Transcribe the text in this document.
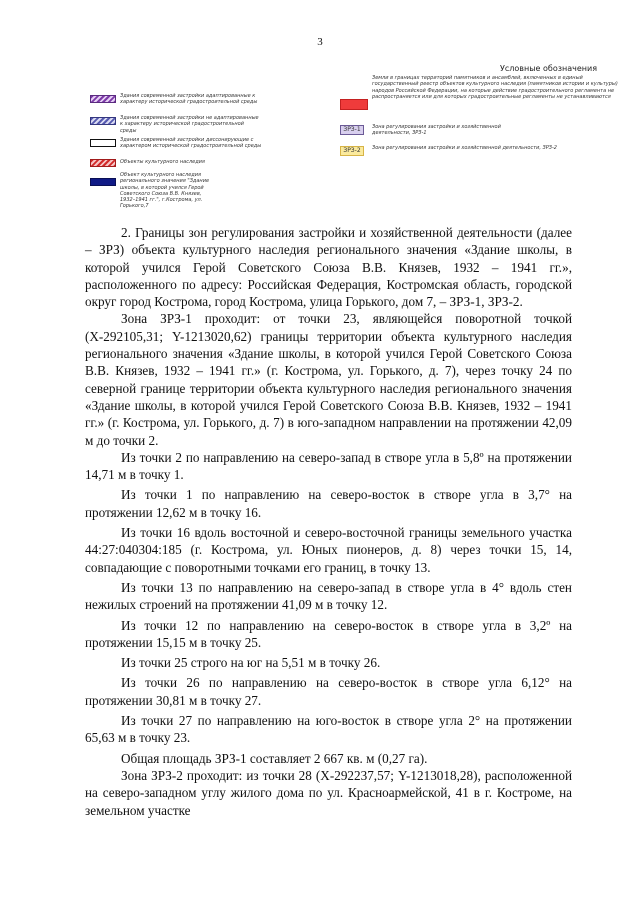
3
Условные обозначения
Здания современной застройки адаптированные к характеру исторической градостроительной среды
Здания современной застройки не адаптированные к характеру исторической градостроительной среды
Здания современной застройки диссонирующие с характером исторической градостроительной среды
Объекты культурного наследия
Объект культурного наследия регионального значения "Здание школы, в которой учился Герой Советского Союза В.В. Князев, 1932–1941 гг.", г.Кострома, ул. Горького,7
Земли в границах территорий памятников и ансамблей, включенных в единый государственный реестр объектов культурного наследия (памятников истории и культуры) народов Российской Федерации, на которые действие градостроительного регламента не распространяется или для которых градостроительные регламенты не устанавливаются
ЗРЗ-1	Зона регулирования застройки и хозяйственной деятельности, ЗРЗ-1
ЗРЗ-2	Зона регулирования застройки и хозяйственной деятельности, ЗРЗ-2

2. Границы зон регулирования застройки и хозяйственной деятельности (далее – ЗРЗ) объекта культурного наследия регионального значения «Здание школы, в которой учился Герой Советского Союза В.В. Князев, 1932 – 1941 гг.», расположенного по адресу: Российская Федерация, Костромская область, городской округ город Кострома, город Кострома, улица Горького, дом 7, – ЗРЗ-1, ЗРЗ-2.

Зона ЗРЗ-1 проходит: от точки 23, являющейся поворотной точкой (Х-292105,31; Y-1213020,62) границы территории объекта культурного наследия регионального значения «Здание школы, в которой учился Герой Советского Союза В.В. Князев, 1932 – 1941 гг.» (г. Кострома, ул. Горького, д. 7), через точку 24 по северной границе территории объекта культурного наследия регионального значения «Здание школы, в которой учился Герой Советского Союза В.В. Князев, 1932 – 1941 гг.» (г. Кострома, ул. Горького, д. 7) в юго-западном направлении на протяжении 42,09 м до точки 2.

Из точки 2 по направлению на северо-запад в створе угла в 5,8º на протяжении 14,71 м в точку 1.

Из точки 1 по направлению на северо-восток в створе угла в 3,7° на протяжении 12,62 м в точку 16.

Из точки 16 вдоль восточной и северо-восточной границы земельного участка 44:27:040304:185 (г. Кострома, ул. Юных пионеров, д. 8) через точки 15, 14, совпадающие с поворотными точками его границ, в точку 13.

Из точки 13 по направлению на северо-запад в створе угла в 4° вдоль стен нежилых строений на протяжении 41,09 м в точку 12.

Из точки 12 по направлению на северо-восток в створе угла в 3,2º на протяжении 15,15 м в точку 25.

Из точки 25 строго на юг на 5,51 м в точку 26.

Из точки 26 по направлению на северо-восток в створе угла 6,12° на протяжении 30,81 м в точку 27.

Из точки 27 по направлению на юго-восток в створе угла 2° на протяжении 65,63 м в точку 23.

Общая площадь ЗРЗ-1 составляет 2 667 кв. м (0,27 га).

Зона ЗРЗ-2 проходит: из точки 28 (Х-292237,57; Y-1213018,28), расположенной на северо-западном углу жилого дома по ул. Красноармейской, 41 в г. Костроме, на земельном участке
